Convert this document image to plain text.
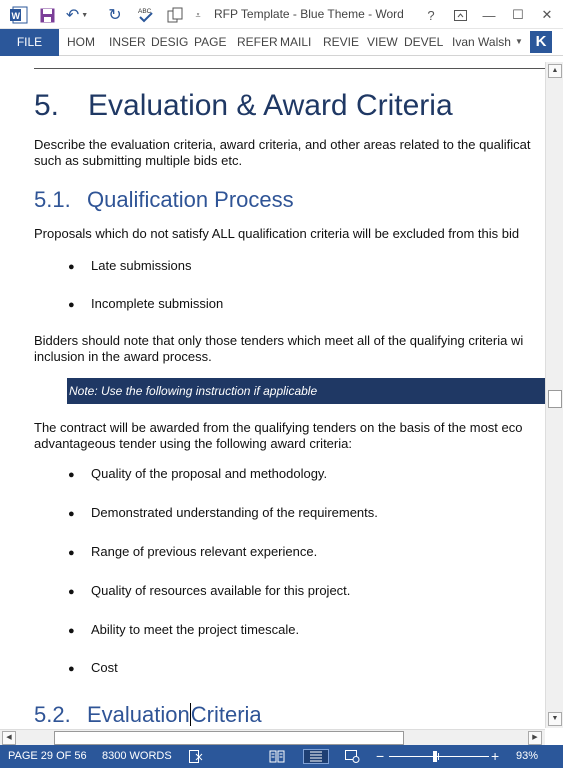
W	↶ ▼ ↻	ABC	⩡ RFP Template - Blue Theme - Word	?	—	☐	✕
FILE	HOM INSER DESIG PAGE REFER MAILI REVIE VIEW DEVEL Ivan Walsh ▼ K
5. Evaluation & Award Criteria
Describe the evaluation criteria, award criteria, and other areas related to the qualificat
such as submitting multiple bids etc.
5.1. Qualification Process
Proposals which do not satisfy ALL qualification criteria will be excluded from this bid
● Late submissions
● Incomplete submission
Bidders should note that only those tenders which meet all of the qualifying criteria wi
inclusion in the award process.
Note: Use the following instruction if applicable
The contract will be awarded from the qualifying tenders on the basis of the most eco
advantageous tender using the following award criteria:
● Quality of the proposal and methodology.
● Demonstrated understanding of the requirements.
● Range of previous relevant experience.
● Quality of resources available for this project.
● Ability to meet the project timescale.
● Cost
5.2. EvaluationCriteria
▲
▼
◀	▶
PAGE 29 OF 56 8300 WORDS	−	+ 93%
